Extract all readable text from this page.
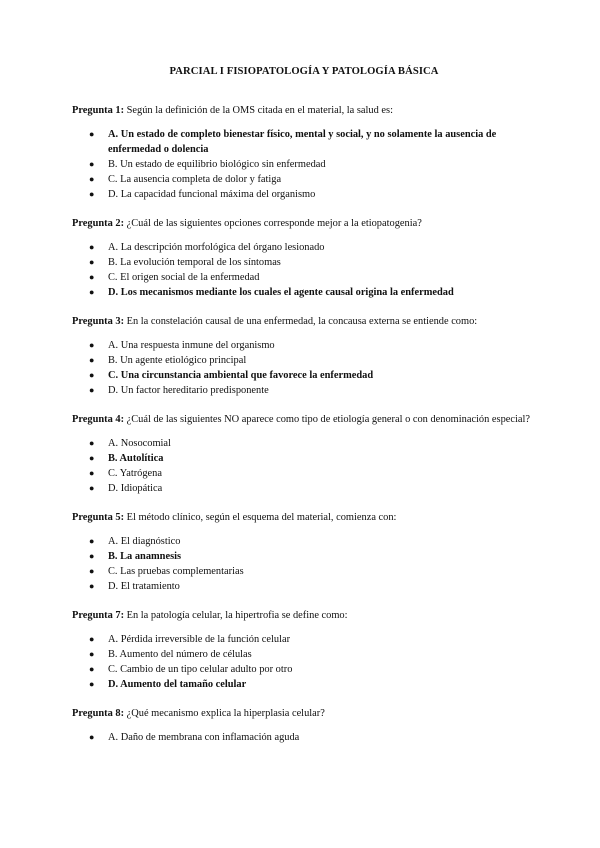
PARCIAL I FISIOPATOLOGÍA Y PATOLOGÍA BÁSICA

Pregunta 1: Según la definición de la OMS citada en el material, la salud es:

● A. Un estado de completo bienestar físico, mental y social, y no solamente la ausencia de enfermedad o dolencia
● B. Un estado de equilibrio biológico sin enfermedad
● C. La ausencia completa de dolor y fatiga
● D. La capacidad funcional máxima del organismo

Pregunta 2: ¿Cuál de las siguientes opciones corresponde mejor a la etiopatogenia?

● A. La descripción morfológica del órgano lesionado
● B. La evolución temporal de los síntomas
● C. El origen social de la enfermedad
● D. Los mecanismos mediante los cuales el agente causal origina la enfermedad

Pregunta 3: En la constelación causal de una enfermedad, la concausa externa se entiende como:

● A. Una respuesta inmune del organismo
● B. Un agente etiológico principal
● C. Una circunstancia ambiental que favorece la enfermedad
● D. Un factor hereditario predisponente

Pregunta 4: ¿Cuál de las siguientes NO aparece como tipo de etiología general o con denominación especial?

● A. Nosocomial
● B. Autolítica
● C. Yatrógena
● D. Idiopática

Pregunta 5: El método clínico, según el esquema del material, comienza con:

● A. El diagnóstico
● B. La anamnesis
● C. Las pruebas complementarias
● D. El tratamiento

Pregunta 7: En la patología celular, la hipertrofia se define como:

● A. Pérdida irreversible de la función celular
● B. Aumento del número de células
● C. Cambio de un tipo celular adulto por otro
● D. Aumento del tamaño celular

Pregunta 8: ¿Qué mecanismo explica la hiperplasia celular?

● A. Daño de membrana con inflamación aguda
